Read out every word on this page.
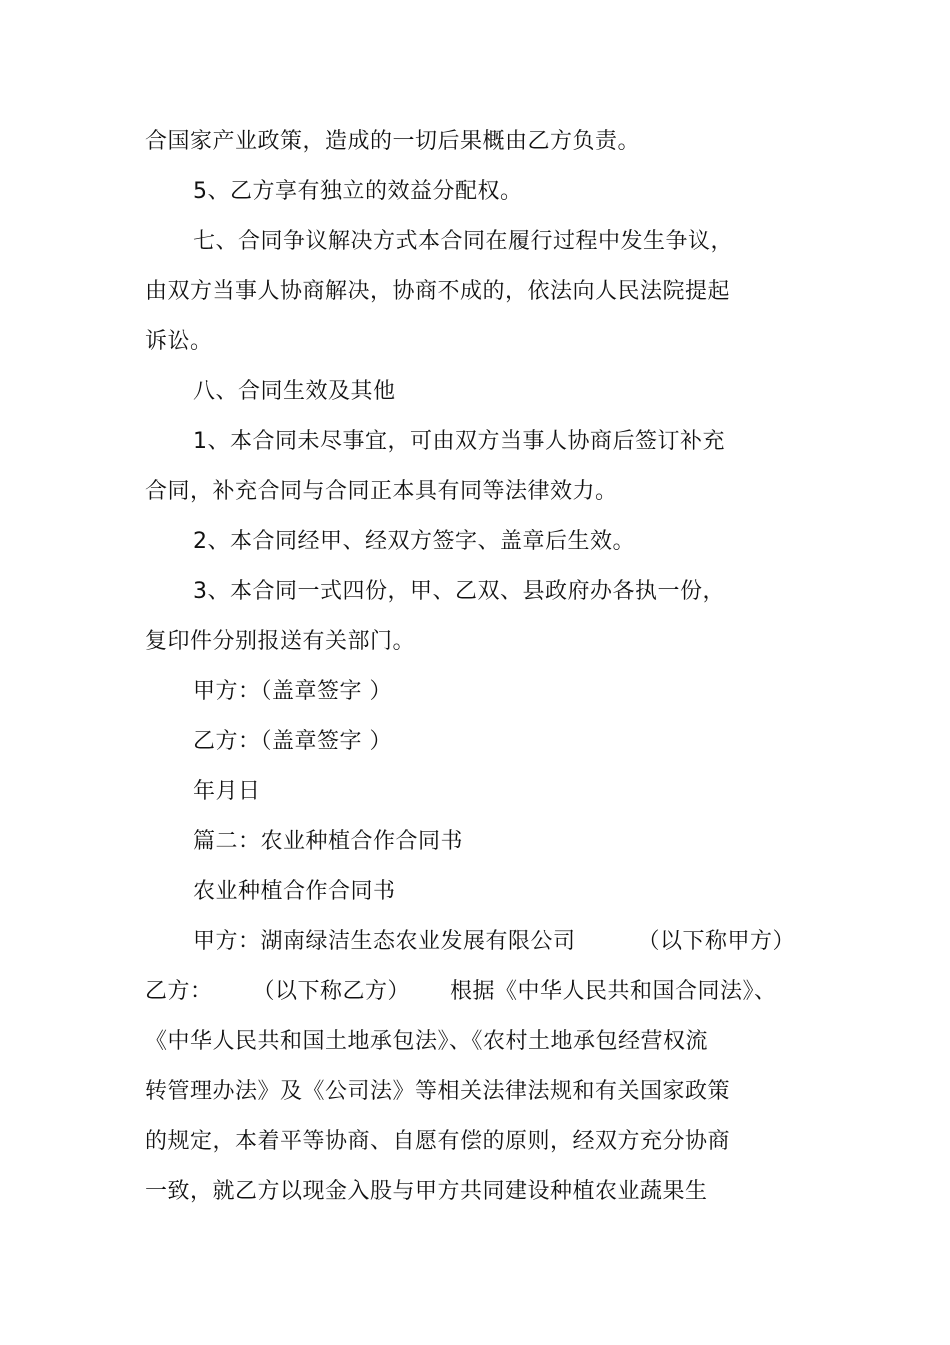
合国家产业政策，造成的一切后果概由乙方负责。
5、乙方享有独立的效益分配权。
七、合同争议解决方式本合同在履行过程中发生争议，
由双方当事人协商解决，协商不成的，依法向人民法院提起
诉讼。
八、合同生效及其他
1、本合同未尽事宜，可由双方当事人协商后签订补充
合同，补充合同与合同正本具有同等法律效力。
2、本合同经甲、经双方签字、盖章后生效。
3、本合同一式四份，甲、乙双、县政府办各执一份，
复印件分别报送有关部门。
甲方：（盖章签字 ）
乙方：（盖章签字 ）
年月日
篇二：农业种植合作合同书
农业种植合作合同书
甲方：湖南绿洁生态农业发展有限公司	（以下称甲方）
乙方： （以下称乙方） 根据《中华人民共和国合同法》、
《中华人民共和国土地承包法》、《农村土地承包经营权流
转管理办法》及《公司法》等相关法律法规和有关国家政策
的规定，本着平等协商、自愿有偿的原则，经双方充分协商
一致，就乙方以现金入股与甲方共同建设种植农业蔬果生
